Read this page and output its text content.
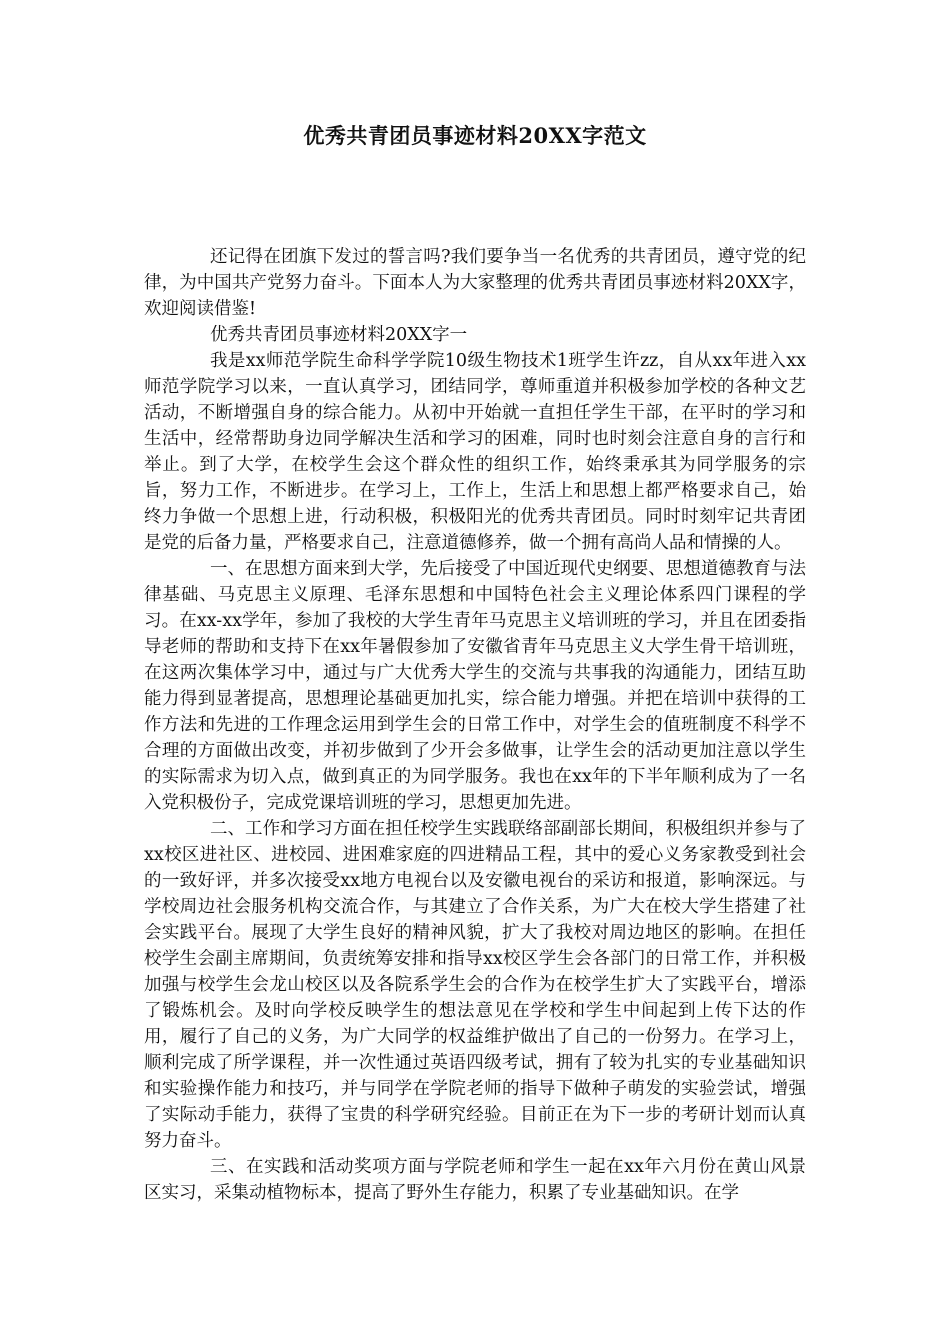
优秀共青团员事迹材料20XX字范文

还记得在团旗下发过的誓言吗?我们要争当一名优秀的共青团员，遵守党的纪律，为中国共产党努力奋斗。下面本人为大家整理的优秀共青团员事迹材料20XX字，欢迎阅读借鉴!

优秀共青团员事迹材料20XX字一

我是xx师范学院生命科学学院10级生物技术1班学生许zz，自从xx年进入xx师范学院学习以来，一直认真学习，团结同学，尊师重道并积极参加学校的各种文艺活动，不断增强自身的综合能力。从初中开始就一直担任学生干部，在平时的学习和生活中，经常帮助身边同学解决生活和学习的困难，同时也时刻会注意自身的言行和举止。到了大学，在校学生会这个群众性的组织工作，始终秉承其为同学服务的宗旨，努力工作，不断进步。在学习上，工作上，生活上和思想上都严格要求自己，始终力争做一个思想上进，行动积极，积极阳光的优秀共青团员。同时时刻牢记共青团是党的后备力量，严格要求自己，注意道德修养，做一个拥有高尚人品和情操的人。

一、在思想方面来到大学，先后接受了中国近现代史纲要、思想道德教育与法律基础、马克思主义原理、毛泽东思想和中国特色社会主义理论体系四门课程的学习。在xx-xx学年，参加了我校的大学生青年马克思主义培训班的学习，并且在团委指导老师的帮助和支持下在xx年暑假参加了安徽省青年马克思主义大学生骨干培训班，在这两次集体学习中，通过与广大优秀大学生的交流与共事我的沟通能力，团结互助能力得到显著提高，思想理论基础更加扎实，综合能力增强。并把在培训中获得的工作方法和先进的工作理念运用到学生会的日常工作中，对学生会的值班制度不科学不合理的方面做出改变，并初步做到了少开会多做事，让学生会的活动更加注意以学生的实际需求为切入点，做到真正的为同学服务。我也在xx年的下半年顺利成为了一名入党积极份子，完成党课培训班的学习，思想更加先进。

二、工作和学习方面在担任校学生实践联络部副部长期间，积极组织并参与了xx校区进社区、进校园、进困难家庭的四进精品工程，其中的爱心义务家教受到社会的一致好评，并多次接受xx地方电视台以及安徽电视台的采访和报道，影响深远。与学校周边社会服务机构交流合作，与其建立了合作关系，为广大在校大学生搭建了社会实践平台。展现了大学生良好的精神风貌，扩大了我校对周边地区的影响。在担任校学生会副主席期间，负责统筹安排和指导xx校区学生会各部门的日常工作，并积极加强与校学生会龙山校区以及各院系学生会的合作为在校学生扩大了实践平台，增添了锻炼机会。及时向学校反映学生的想法意见在学校和学生中间起到上传下达的作用，履行了自己的义务，为广大同学的权益维护做出了自己的一份努力。在学习上，顺利完成了所学课程，并一次性通过英语四级考试，拥有了较为扎实的专业基础知识和实验操作能力和技巧，并与同学在学院老师的指导下做种子萌发的实验尝试，增强了实际动手能力，获得了宝贵的科学研究经验。目前正在为下一步的考研计划而认真努力奋斗。

三、在实践和活动奖项方面与学院老师和学生一起在xx年六月份在黄山风景区实习，采集动植物标本，提高了野外生存能力，积累了专业基础知识。在学
